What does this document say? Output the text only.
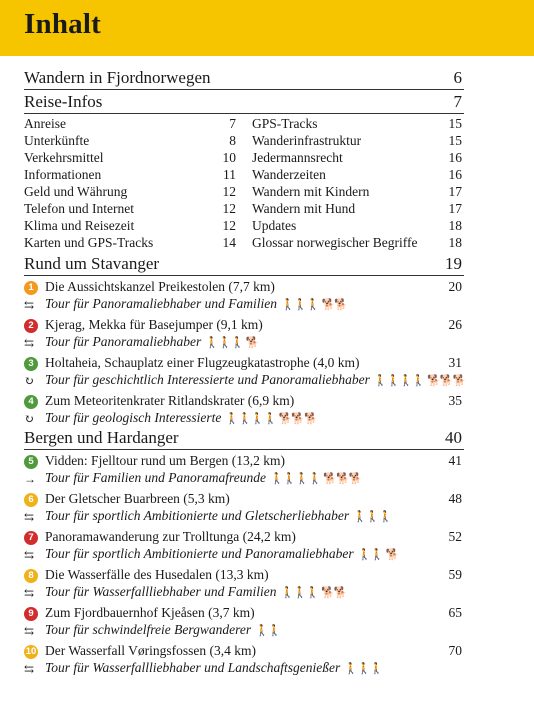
Inhalt
Wandern in Fjordnorwegen	6
Reise-Infos	7
Anreise	7 GPS-Tracks	15
Unterkünfte	8 Wanderinfrastruktur	15
Verkehrsmittel	10 Jedermannsrecht	16
Informationen	11 Wanderzeiten	16
Geld und Währung	12 Wandern mit Kindern	17
Telefon und Internet	12 Wandern mit Hund	17
Klima und Reisezeit	12 Updates	18
Karten und GPS-Tracks	14 Glossar norwegischer Begriffe 18
Rund um Stavanger	19
1 Die Aussichtskanzel Preikestolen (7,7 km)	20
⇆ Tour für Panoramaliebhaber und Familien 🚶🚶🚶 🐕🐕
2 Kjerag, Mekka für Basejumper (9,1 km)	26
⇆ Tour für Panoramaliebhaber 🚶🚶🚶 🐕
3 Holtaheia, Schauplatz einer Flugzeugkatastrophe (4,0 km)	31
↻ Tour für geschichtlich Interessierte und Panoramaliebhaber 🚶🚶🚶🚶 🐕🐕🐕
4 Zum Meteoritenkrater Ritlandskrater (6,9 km)	35
↻ Tour für geologisch Interessierte 🚶🚶🚶🚶 🐕🐕🐕
Bergen und Hardanger	40
5 Vidden: Fjelltour rund um Bergen (13,2 km)	41
→ Tour für Familien und Panoramafreunde 🚶🚶🚶🚶 🐕🐕🐕
6 Der Gletscher Buarbreen (5,3 km)	48
⇆ Tour für sportlich Ambitionierte und Gletscherliebhaber 🚶🚶🚶
7 Panoramawanderung zur Trolltunga (24,2 km)	52
⇆ Tour für sportlich Ambitionierte und Panoramaliebhaber 🚶🚶 🐕
8 Die Wasserfälle des Husedalen (13,3 km)	59
⇆ Tour für Wasserfallliebhaber und Familien 🚶🚶🚶 🐕🐕
9 Zum Fjordbauernhof Kjeåsen (3,7 km)	65
⇆ Tour für schwindelfreie Bergwanderer 🚶🚶
10 Der Wasserfall Vøringsfossen (3,4 km)	70
⇆ Tour für Wasserfallliebhaber und Landschaftsgenießer 🚶🚶🚶
